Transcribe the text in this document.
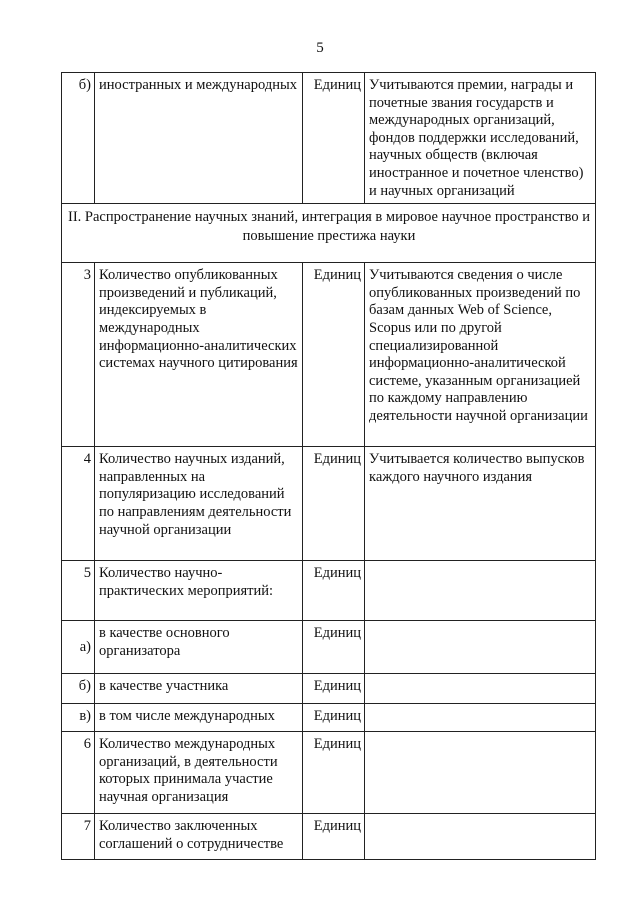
5
б)	иностранных и международных	Единиц	Учитываются премии, награды и почетные звания государств и международных организаций, фондов поддержки исследований, научных обществ (включая иностранное и почетное членство) и научных организаций
II. Распространение научных знаний, интеграция в мировое научное пространство и повышение престижа науки			
3	Количество опубликованных произведений и публикаций, индексируемых в международных информационно-аналитических системах научного цитирования	Единиц	Учитываются сведения о числе опубликованных произведений по базам данных Web of Science, Scopus или по другой специализированной информационно-аналитической системе, указанным организацией по каждому направлению деятельности научной организации
4	Количество научных изданий, направленных на популяризацию исследований по направлениям деятельности научной организации	Единиц	Учитывается количество выпусков каждого научного издания
5	Количество научно-практических мероприятий:	Единиц	
а)	в качестве основного организатора	Единиц	
б)	в качестве участника	Единиц	
в)	в том числе международных	Единиц	
6	Количество международных организаций, в деятельности которых принимала участие научная организация	Единиц	
7	Количество заключенных соглашений о сотрудничестве	Единиц	
